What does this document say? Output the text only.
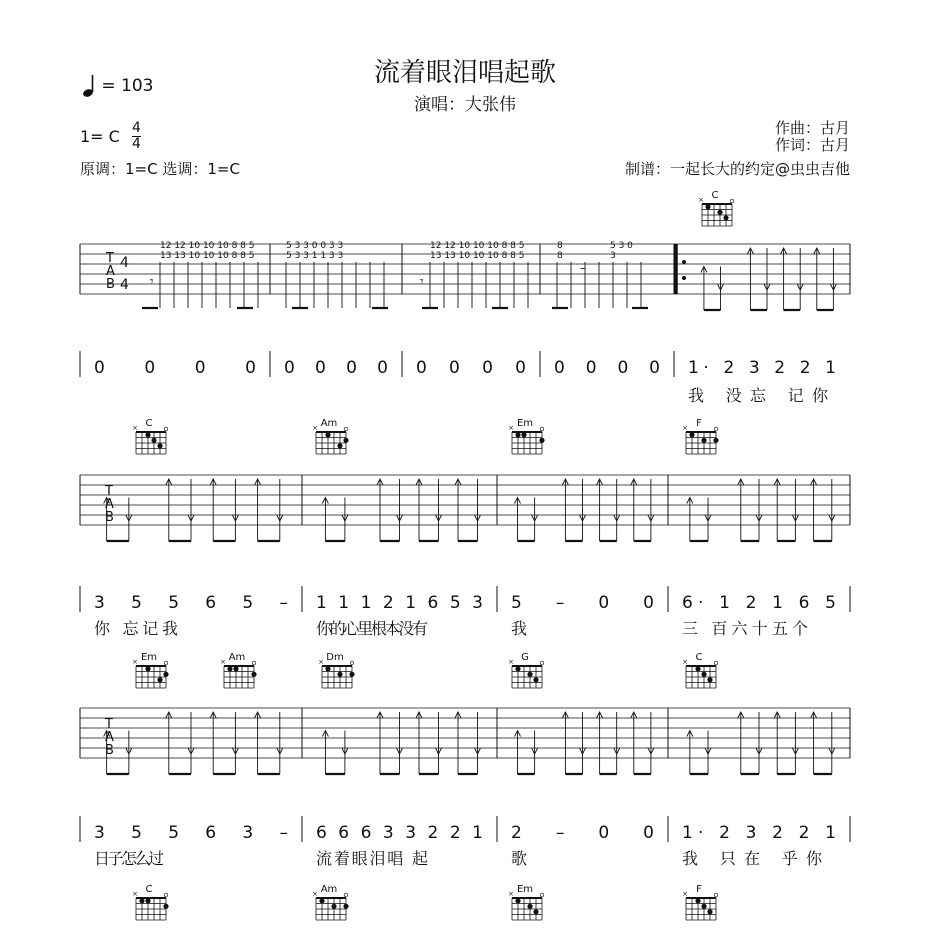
流着眼泪唱起歌
演唱：大张伟
= 103
1= C 4
4
原调：1=C 选调：1=C
作曲：古月
作词：古月
制谱：一起长大的约定@虫虫吉他
C
×
T
A
B
4
4
12 12 10 10 10 8 8 5	5 3 3 0 0 3 3	12 12 10 10 10 8 8 5	8	5 3 0
13 13 10 10 10 8 8 5	5 3 3 1 1 3 3	13 13 10 10 10 8 8 5	8	3
–
𝄾	𝄾
0 0 0 0 0 0 0 0 0 0 0 0 0 0 0 0 1· 2 3 2 2 1
我 没忘 记你
C
×	Am
×	Em
×	F
×
T
A
B
3 5 5 6 5 –
你 忘记我
1 1 1 2 1 6 5 3
你的心里根本没有
5 – 0 0
我
6· 1 2 1 6 5
三 百六十五个
Em
×	Am
×	Dm
×	G
×	C
×
T
A
B
3 5 5 6 3 –
日子怎么过
6 6 6 3 3 2 2 1
流着眼泪唱 起
2 – 0 0
歌
1· 2 3 2 2 1
我 只在 乎你
C
×	Am
×	Em
×	F
×
